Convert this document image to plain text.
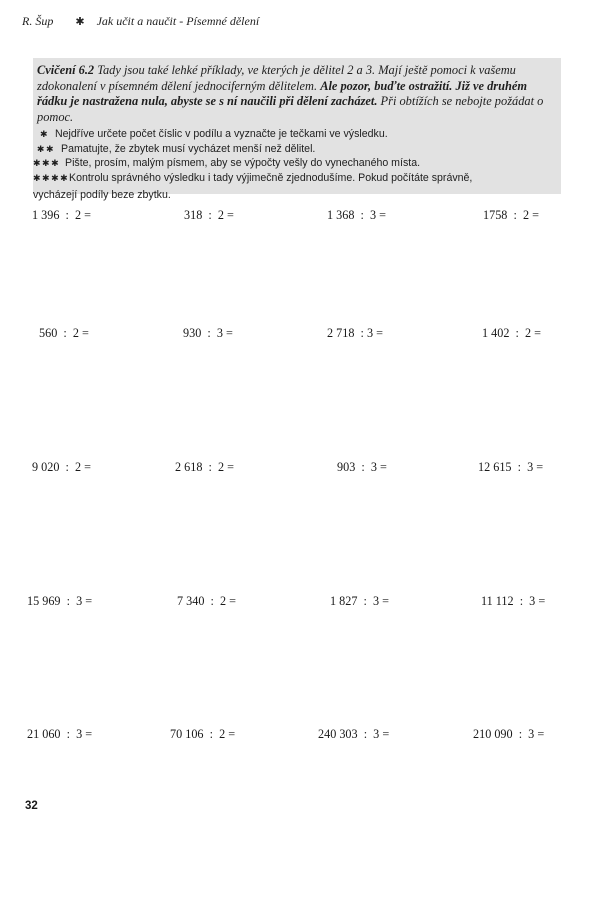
R. Šup ✱ Jak učit a naučit - Písemné dělení

Cvičení 6.2 Tady jsou také lehké příklady, ve kterých je dělitel 2 a 3. Mají ještě pomoci k vašemu zdokonalení v písemném dělení jednociferným dělitelem. Ale pozor, buďte ostražití. Již ve druhém řádku je nastražena nula, abyste se s ní naučili při dělení zacházet. Při obtížích se nebojte požádat o pomoc.

✱ Nejdříve určete počet číslic v podílu a vyznačte je tečkami ve výsledku.
✱✱ Pamatujte, že zbytek musí vycházet menší než dělitel.
✱✱✱ Pište, prosím, malým písmem, aby se výpočty vešly do vynechaného místa.
✱✱✱✱ Kontrolu správného výsledku i tady výjimečně zjednodušíme. Pokud počítáte správně,
vycházejí podíly beze zbytku.
1 396  :  2 =	318  :  2 =	1 368  :  3 =	1758  :  2 =
560  :  2 =	930  :  3 =	2 718  : 3 =	1 402  :  2 =
9 020  :  2 =	2 618  :  2 =	903  :  3 =	12 615  :  3 =
15 969  :  3 =	7 340  :  2 =	1 827  :  3 =	11 112  :  3 =
21 060  :  3 =	70 106  :  2 =	240 303  :  3 =	210 090  :  3 =
32
